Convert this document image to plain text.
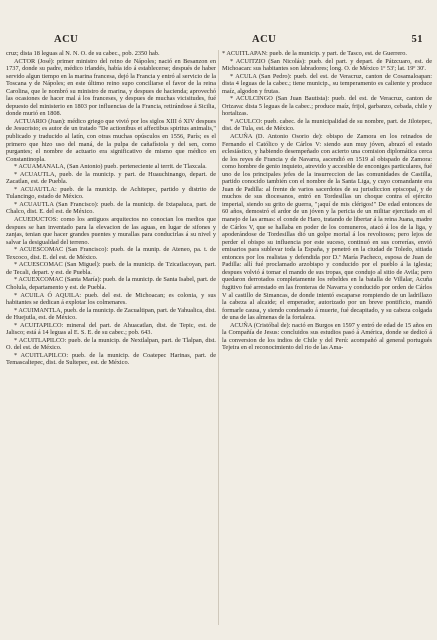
ACU	ACU	51

cruz; dista 18 leguas al N. N. O. de su cabec., pob. 2350 hab.

ACTOR (José): primer ministro del reino de Nápoles; nació en Besanzon en 1737, donde su padre, médico irlandés, había ido á establecerse; después de haber servido algun tiempo en la marina francesa, dejó la Francia y entró al servicio de la Toscana y de Nápoles; en este último reino supo conciliarse el favor de la reina Carolina, que le nombró su ministro de marina, y despues de hacienda; aprovechó las ocasiones de hacer mal á los franceses, y despues de muchas vicisitudes, fué depuesto del ministerio en 1803 por influencias de la Francia, retirándose á Sicilia, donde murió en 1808.

ACTUARIO (Juan): médico griego que vivió por los siglos XIII ó XIV despues de Jesucristo; es autor de un tratado "De actionibus et affectibus spiritus animalis," publicado y traducido al latín, con otras muchas opúsculos en 1556, París; es el primero que hizo uso del maná, de la pulpa de cañafístola y del sen, como purgantes; el nombre de actuario era significativo de mismo que médico en Constantinopla.

* ACUAMANALA, (San Antonio) pueb. perteneciente al territ. de Tlaxcala.

* ACUAUTLA, pueb. de la municip. y part. de Huauchinango, depart. de Zacatlan, est. de Puebla.

* ACUAUTLA: pueb. de la municip. de Achitepec, partido y distrito de Tulancingo, estado de México.

* ACUAUTLA (San Francisco): pueb. de la municip. de Ixtapaluca, part. de Chalco, dist. E. del est. de México.

ACUEDUCTOS: como los antiguos arquitectos no conocian los medios que despues se han inventado para la elevacion de las aguas, en lugar de sifones y zanjas, tenian que hacer grandes puentes y murallas para conducirlas á su nivel y salvar la desigualdad del terreno.

* ACUESCOMAC (San Francisco): pueb. de la munip. de Ateneo, pa. t. de Texcoco, dist. E. del est. de México.

* ACUESCOMAC (San Miguel): pueb. de la municip. de Tzicatlacoyan, part. de Tecali, depart. y est. de Puebla.

* ACUEXCOMAC (Santa María): pueb. de la municip. de Santa Isabel, part. de Cholula, departamento y est. de Puebla.

* ACUILA Ó AQUILA: pueb. del est. de Michoacan; es colonia, y sus habitantes se dedican á explotar los colmenares.

* ACUIMANTLA, pueb. de la municip. de Zacualtipan, part. de Yahualica, dist. de Huejutla, est. de México.

* ACUITAPILCO: mineral del part. de Ahuacatlan, dist. de Tepic, est. de Jalisco; está á 14 leguas al E. S. E. de su cabec.; pob. 643.

* ACUITLAPILCO: pueb. de la municip. de Nextlalpan, part. de Tlalpan, dist. O. del est. de México.

* ACUITLAPILCO: pueb. de la municip. de Coatepec Harinas, part. de Temascaltepec, dist. de Sultepec, est. de México.

* ACUITLAPAN: pueb. de la municip. y part. de Tasco, est. de Guerrero.

* ACUITZIO (San Nicolás): pueb. del part. y depart. de Pátzcuaro, est. de Michoacan: sus habitantes son labradores; long. O. de México 1º 53'; lat. 19º 30'.

* ACULA (San Pedro): pueb. del est. de Veracruz, canton de Cosamaloapan: dista 4 leguas de la cabec.; tiene municip., su temperamento es caliente y produce maíz, algodon y frutas.

* ACULCINGO (San Juan Bautista): pueb. del est. de Veracruz, canton de Orizava: dista 5 leguas de la cabec.; produce maíz, frijol, garbanzo, cebada, chile y hortalizas.

* ACULCO: pueb. cabec. de la municipalidad de su nombre, part. de Jilotepec, dist. de Tula, est. de México.

ACUÑA (D. Antonio Osorio de): obispo de Zamora en los reinados de Fernando el Católico y de Cárlos V: siendo aun muy jóven, abrazó el estado eclesiástico, y habiendo desempeñado con acierto una comision diplomática cerca de los reyes de Francia y de Navarra, ascendió en 1519 al obispado de Zamora: como hombre de genio inquieto, atrevido y accesible de enconiges particulares, fué uno de los principales jefes de la insurreccion de las comunidades de Castilla, partido conocido también con el nombre de la Santa Liga, y cuyo comandante era Juan de Padilla: al frente de varios sacerdotes de su jurisdiccion episcopal, y de muchos de sus diocesanos, entró en Tordesillas un choque contra el ejército imperial, siendo su grito de guerra, "¡aquí de mis clérigos!" De edad entonces de 60 años, demostró el ardor de un jóven y la pericia de un militar ejercitado en el manejo de las armas: el conde de Haro, tratando de libertar á la reina Juana, madre de Cárlos V, que se hallaba en poder de los comuneros, atacó á los de la liga, y apoderándose de Tordesillas dió un golpe mortal á los revoltosos; pero lejos de perder el obispo su influencia por este suceso, continuó en sus correrías, envió emisarios para sublevar toda la España, y penetró en la ciudad de Toledo, sitiada entonces por los realistas y defendida por D.ª María Pacheco, esposa de Juan de Padilla: allí fué proclamado arzobispo y conducido por el pueblo á la iglesia; despues volvió á tomar el mando de sus tropas, que condujo al sitio de Avila; pero quedaron derrotados completamente los rebeldes en la batalla de Villalar, Acuña fugitivo fué arrestado en las fronteras de Navarra y conducido por orden de Cárlos V al castillo de Simancas, de donde intentó escaparse rompiendo de un ladrillazo la cabeza al alcaide; el emperador, autorizado por un breve pontificio, mandó formarle causa, y siendo condenado á muerte, fué decapitado, y su cabeza colgada de una de las almenas de la fortaleza.

ACUÑA (Cristóbal de): nació en Burgos en 1597 y entró de edad de 15 años en la Compañía de Jesus: concluidos sus estudios pasó á América, donde se dedicó á la conversion de los indios de Chile y del Perú: acompañó al general portugués Tejeira en el reconocimiento del rio de las Ama-
